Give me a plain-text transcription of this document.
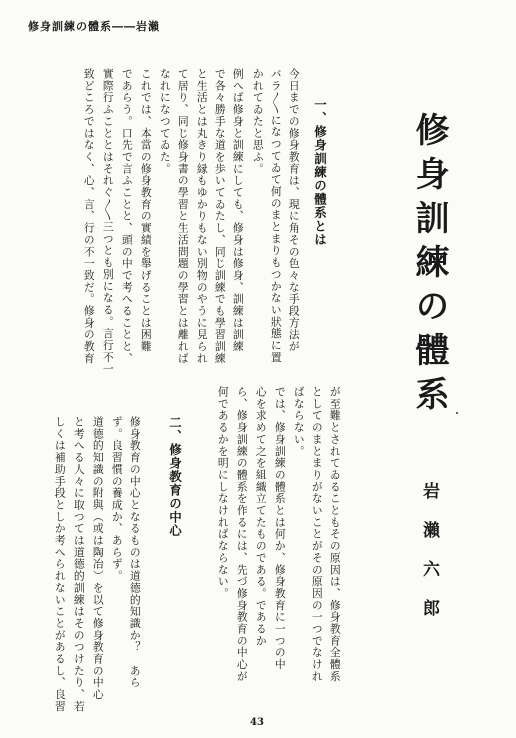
修身訓練の體系――岩瀨
修身訓練の體系
岩瀨六郎
一、修身訓練の體系とは
今日までの修身教育は、現に角その色々な手段方法が
バラ〳〵になつてゐて何のまとまりもつかない狀態に置
かれてゐたと思ふ。
例へば修身と訓練にしても、修身は修身、訓練は訓練
で各々勝手な道を歩いてゐたし、同じ訓練でも學習訓練
と生活とは丸きり縁もゆかりもない別物のやうに見られ
て居り、同じ修身書の學習と生活問題の學習とは離れば
なれになつてゐた。
これでは、本當の修身教育の實績を舉げることは困難
であらう。口先で言ふことと、頭の中で考へることと、
實際行ふこととはそれぐ〳〵三つとも別になる。言行不一
致どころではなく、心、言、行の不一致だ。修身の教育
が至難とされてゐることもその原因は、修身教育全體系
としてのまとまりがないことがその原因の一つでなけれ
ばならない。
では、修身訓練の體系とは何か、修身教育に一つの中
心を求めて之を組織立てたものである。であるか
ら、修身訓練の體系を作るには、先づ修身教育の中心が
何であるかを明にしなければならない。
二、修身教育の中心
修身教育の中心となるものは道德的知識か？　あら
ず。良習慣の養成か、あらず。
道德的知識の附與（或は陶冶）を以て修身教育の中心
と考へる人々に取つては道德的訓練はそのつけたり、若
しくは補助手段としか考へられないことがあるし、良習
43
